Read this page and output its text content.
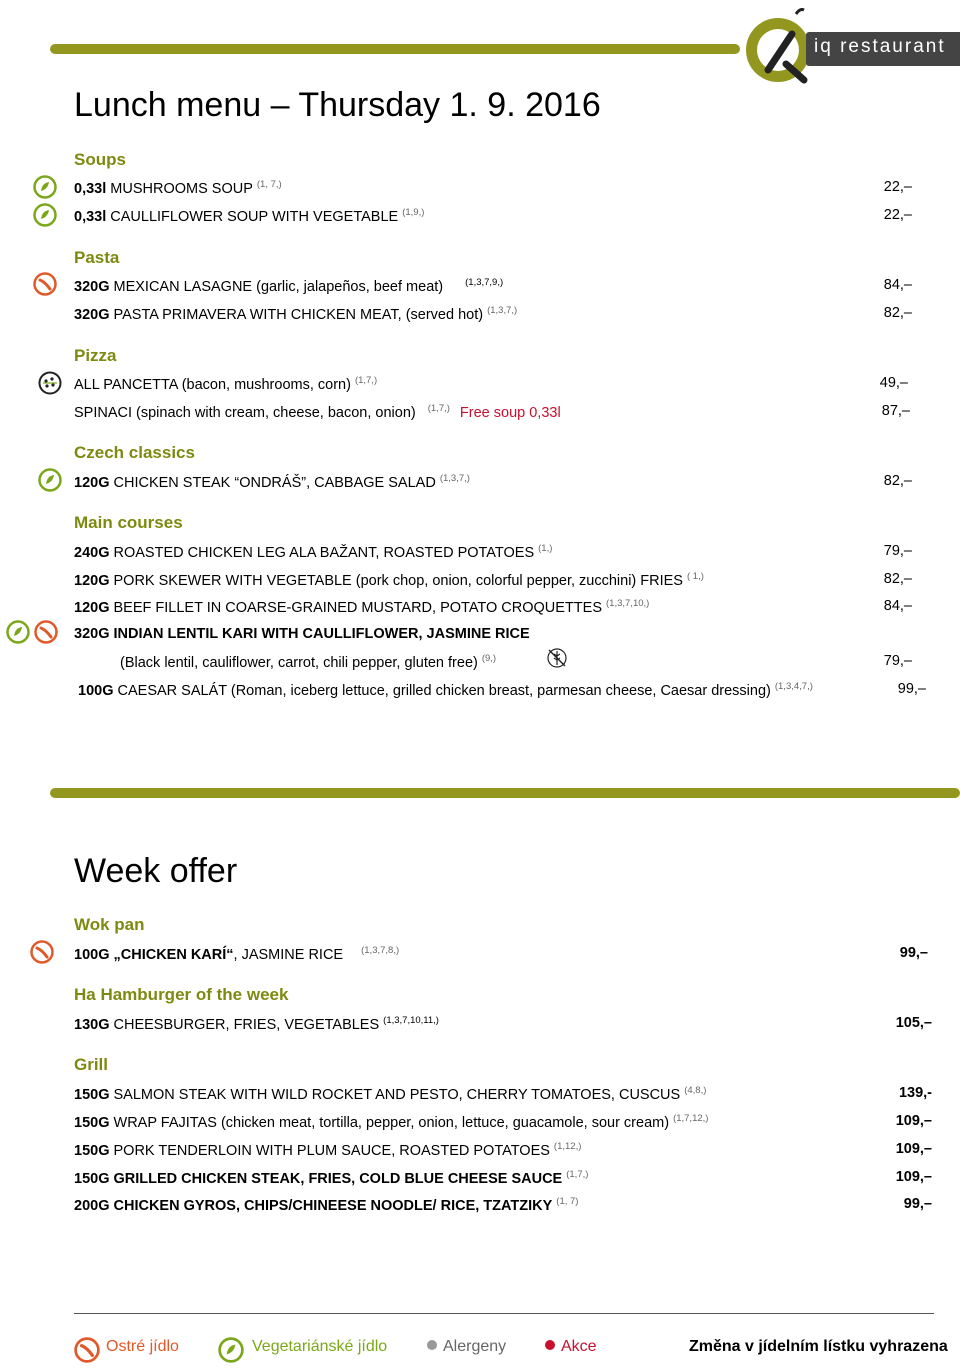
iq restaurant
Lunch menu – Thursday 1. 9. 2016
Soups
0,33l MUSHROOMS SOUP $^{(1, 7,)}$	22,–
0,33l CAULLIFLOWER SOUP WITH VEGETABLE $^{(1,9,)}$	22,–
Pasta
320G MEXICAN LASAGNE (garlic, jalapeños, beef meat) $^{(1,3,7,9,)}$	84,–
320G PASTA PRIMAVERA WITH CHICKEN MEAT, (served hot) $^{(1,3,7,)}$	82,–
Pizza
ALL PANCETTA (bacon, mushrooms, corn) $^{(1,7,)}$	49,–
SPINACI (spinach with cream, cheese, bacon, onion) $^{(1,7,)}$ Free soup 0,33l	87,–
Czech classics
120G CHICKEN STEAK “ONDRÁŠ”, CABBAGE SALAD $^{(1,3,7,)}$	82,–
Main courses
240G ROASTED CHICKEN LEG ALA BAŽANT, ROASTED POTATOES $^{(1,)}$	79,–
120G PORK SKEWER WITH VEGETABLE (pork chop, onion, colorful pepper, zucchini) FRIES $^{( 1,)}$	82,–
120G BEEF FILLET IN COARSE-GRAINED MUSTARD, POTATO CROQUETTES $^{(1,3,7,10,)}$	84,–
320G INDIAN LENTIL KARI WITH CAULLIFLOWER, JASMINE RICE
(Black lentil, cauliflower, carrot, chili pepper, gluten free) $^{(9,)}$	79,–
100G CAESAR SALÁT (Roman, iceberg lettuce, grilled chicken breast, parmesan cheese, Caesar dressing) $^{(1,3,4,7,)}$	99,–
Week offer
Wok pan
100G „CHICKEN KARÍ“, JASMINE RICE $^{(1,3,7,8,)}$	99,–
Ha Hamburger of the week
130G CHEESBURGER, FRIES, VEGETABLES $^{(1,3,7,10,11,)}$	105,–
Grill
150G SALMON STEAK WITH WILD ROCKET AND PESTO, CHERRY TOMATOES, CUSCUS $^{(4,8,)}$	139,-
150G WRAP FAJITAS (chicken meat, tortilla, pepper, onion, lettuce, guacamole, sour cream) $^{(1,7,12,)}$	109,–
150G PORK TENDERLOIN WITH PLUM SAUCE, ROASTED POTATOES $^{(1,12,)}$	109,–
150G GRILLED CHICKEN STEAK, FRIES, COLD BLUE CHEESE SAUCE $^{(1,7,)}$	109,–
200G CHICKEN GYROS, CHIPS/CHINEESE NOODLE/ RICE, TZATZIKY $^{(1, 7)}$	99,–
Ostré jídlo	Vegetariánské jídlo	Alergeny	Akce	Změna v jídelním lístku vyhrazena
